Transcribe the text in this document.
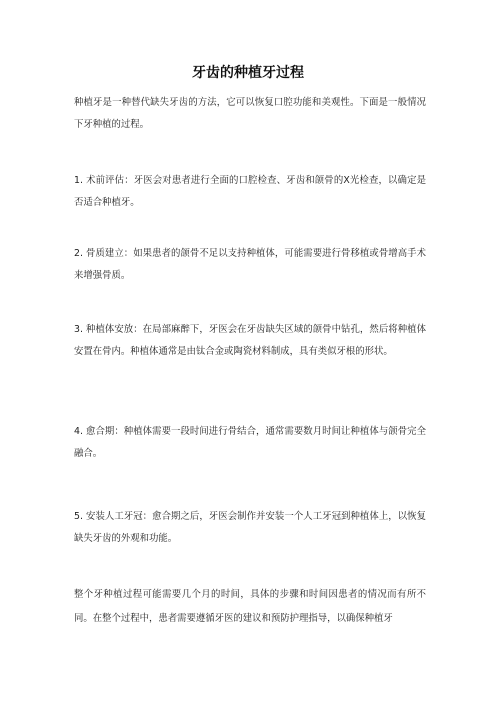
牙齿的种植牙过程
种植牙是一种替代缺失牙齿的方法，它可以恢复口腔功能和美观性。下面是一般情况下牙种植的过程。
1. 术前评估：牙医会对患者进行全面的口腔检查、牙齿和颌骨的X光检查，以确定是否适合种植牙。
2. 骨质建立：如果患者的颌骨不足以支持种植体，可能需要进行骨移植或骨增高手术来增强骨质。
3. 种植体安放：在局部麻醉下，牙医会在牙齿缺失区域的颌骨中钻孔，然后将种植体安置在骨内。种植体通常是由钛合金或陶瓷材料制成，具有类似牙根的形状。
4. 愈合期：种植体需要一段时间进行骨结合，通常需要数月时间让种植体与颌骨完全融合。
5. 安装人工牙冠：愈合期之后，牙医会制作并安装一个人工牙冠到种植体上，以恢复缺失牙齿的外观和功能。
整个牙种植过程可能需要几个月的时间，具体的步骤和时间因患者的情况而有所不同。在整个过程中，患者需要遵循牙医的建议和预防护理指导，以确保种植牙
